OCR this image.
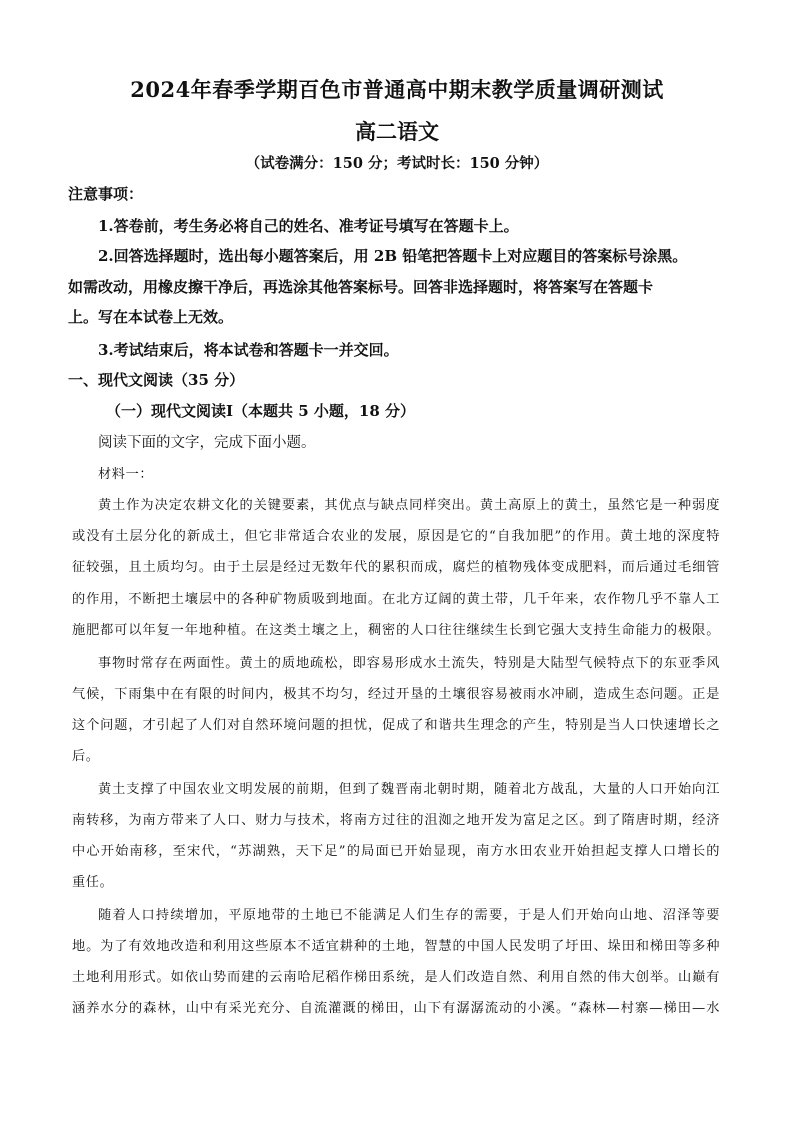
2024年春季学期百色市普通高中期末教学质量调研测试
高二语文
（试卷满分：150 分；考试时长：150 分钟）
注意事项：
1.答卷前，考生务必将自己的姓名、准考证号填写在答题卡上。
2.回答选择题时，选出每小题答案后，用 2B 铅笔把答题卡上对应题目的答案标号涂黑。
如需改动，用橡皮擦干净后，再选涂其他答案标号。回答非选择题时，将答案写在答题卡
上。写在本试卷上无效。
3.考试结束后，将本试卷和答题卡一并交回。
一、现代文阅读（35 分）
（一）现代文阅读Ⅰ（本题共 5 小题，18 分）
阅读下面的文字，完成下面小题。
材料一：
黄土作为决定农耕文化的关键要素，其优点与缺点同样突出。黄土高原上的黄土，虽然它是一种弱度
或没有土层分化的新成土，但它非常适合农业的发展，原因是它的“自我加肥”的作用。黄土地的深度特
征较强，且土质均匀。由于土层是经过无数年代的累积而成，腐烂的植物残体变成肥料，而后通过毛细管
的作用，不断把土壤层中的各种矿物质吸到地面。在北方辽阔的黄土带，几千年来，农作物几乎不靠人工
施肥都可以年复一年地种植。在这类土壤之上，稠密的人口往往继续生长到它强大支持生命能力的极限。
事物时常存在两面性。黄土的质地疏松，即容易形成水土流失，特别是大陆型气候特点下的东亚季风
气候，下雨集中在有限的时间内，极其不均匀，经过开垦的土壤很容易被雨水冲刷，造成生态问题。正是
这个问题，才引起了人们对自然环境问题的担忧，促成了和谐共生理念的产生，特别是当人口快速增长之
后。
黄土支撑了中国农业文明发展的前期，但到了魏晋南北朝时期，随着北方战乱，大量的人口开始向江
南转移，为南方带来了人口、财力与技术，将南方过往的沮洳之地开发为富足之区。到了隋唐时期，经济
中心开始南移，至宋代，“苏湖熟，天下足”的局面已开始显现，南方水田农业开始担起支撑人口增长的
重任。
随着人口持续增加，平原地带的土地已不能满足人们生存的需要，于是人们开始向山地、沼泽等要
地。为了有效地改造和利用这些原本不适宜耕种的土地，智慧的中国人民发明了圩田、垛田和梯田等多种
土地利用形式。如依山势而建的云南哈尼稻作梯田系统，是人们改造自然、利用自然的伟大创举。山巅有
涵养水分的森林，山中有采光充分、自流灌溉的梯田，山下有潺潺流动的小溪。“森林—村寨—梯田—水
